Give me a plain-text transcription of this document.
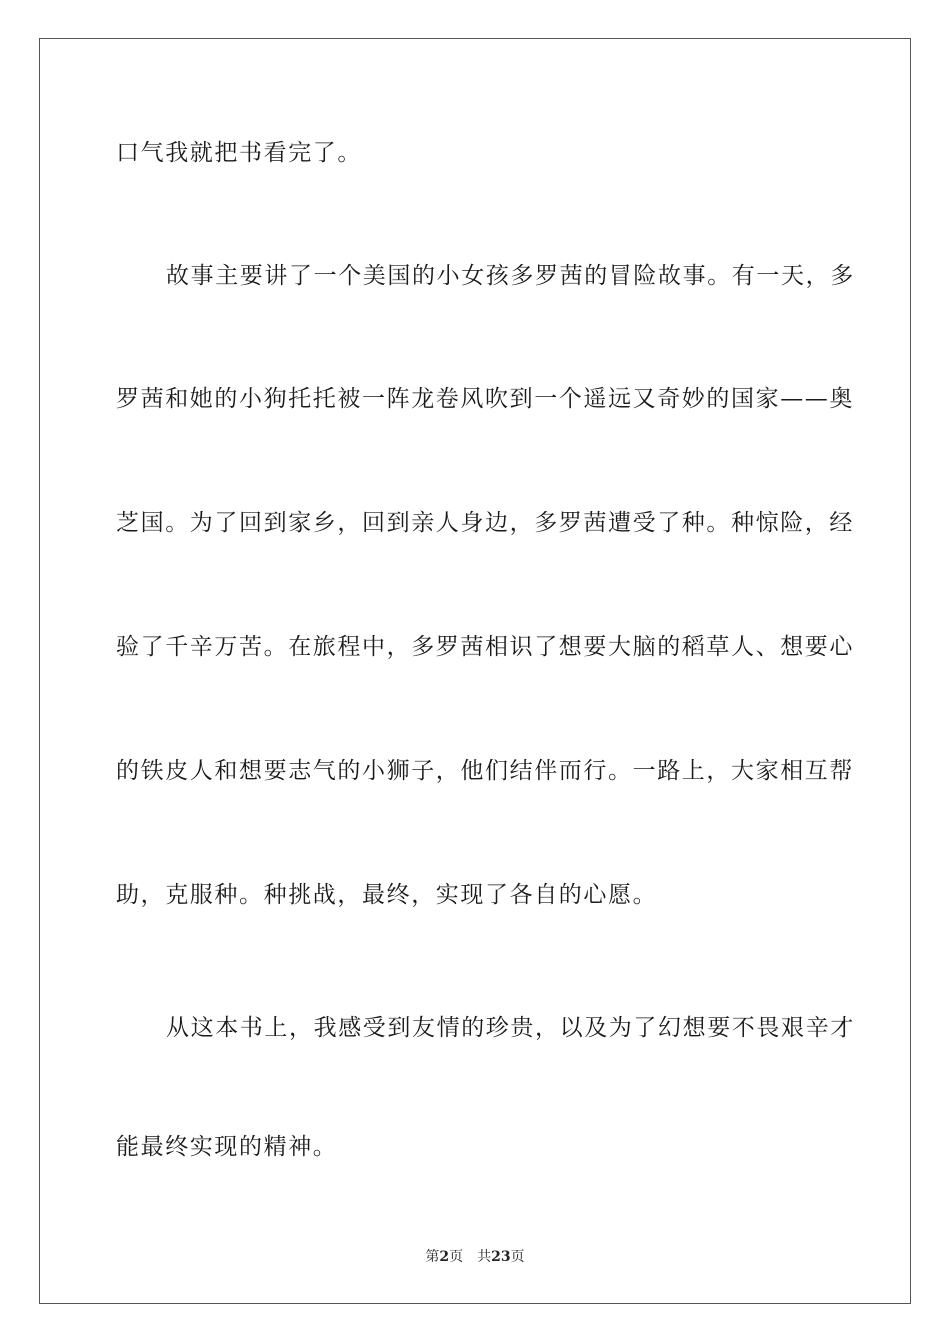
口气我就把书看完了。
故事主要讲了一个美国的小女孩多罗茜的冒险故事。有一天，多
罗茜和她的小狗托托被一阵龙卷风吹到一个遥远又奇妙的国家——奥
芝国。为了回到家乡，回到亲人身边，多罗茜遭受了种。种惊险，经
验了千辛万苦。在旅程中，多罗茜相识了想要大脑的稻草人、想要心
的铁皮人和想要志气的小狮子，他们结伴而行。一路上，大家相互帮
助，克服种。种挑战，最终，实现了各自的心愿。
从这本书上，我感受到友情的珍贵，以及为了幻想要不畏艰辛才
能最终实现的精神。
第2页 共23页
